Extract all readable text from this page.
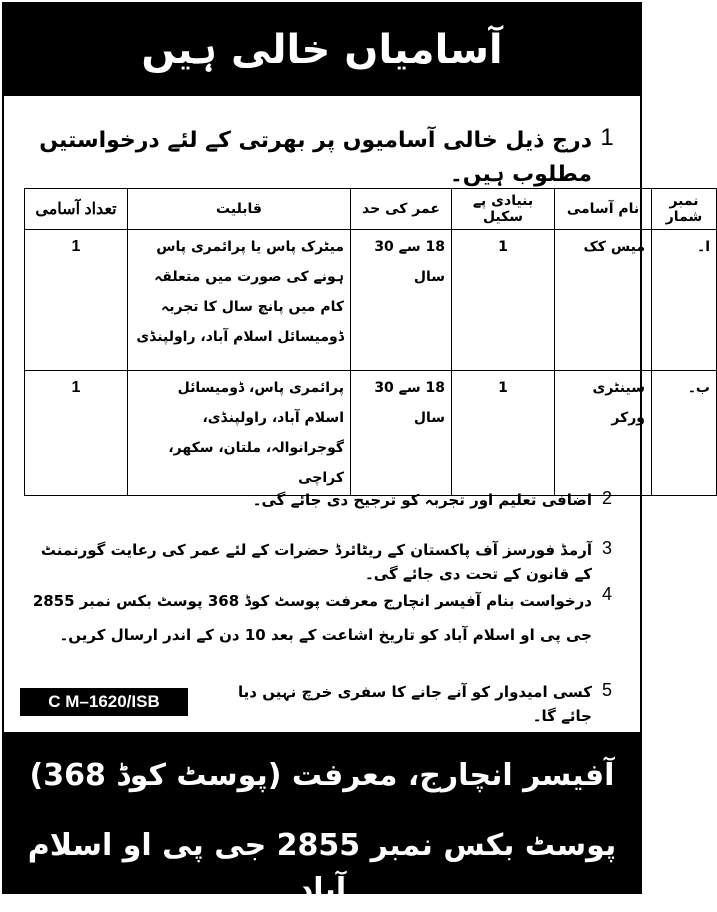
آسامیاں خالی ہیں
1
درج ذیل خالی آسامیوں پر بھرتی کے لئے درخواستیں مطلوب ہیں۔
نمبر شمار	نام آسامی	بنیادی پے سکیل	عمر کی حد	قابلیت	تعداد آسامی
ا۔	میس کک	1	18 سے 30 سال	میٹرک پاس یا پرائمری پاس ہونے کی صورت میں متعلقہ کام میں پانچ سال کا تجربہ ڈومیسائل اسلام آباد، راولپنڈی	1
ب۔	سینٹری ورکر	1	18 سے 30 سال	پرائمری پاس، ڈومیسائل اسلام آباد، راولپنڈی، گوجرانوالہ، ملتان، سکھر، کراچی	1
2
اضافی تعلیم اور تجربہ کو ترجیح دی جائے گی۔
3
آرمڈ فورسز آف پاکستان کے ریٹائرڈ حضرات کے لئے عمر کی رعایت گورنمنٹ کے قانون کے تحت دی جائے گی۔
4
درخواست بنام آفیسر انچارج معرفت پوسٹ کوڈ 368 پوسٹ بکس نمبر 2855 جی پی او اسلام آباد کو تاریخ اشاعت کے بعد 10 دن کے اندر ارسال کریں۔
5
کسی امیدوار کو آنے جانے کا سفری خرچ نہیں دیا جائے گا۔
C M–1620/ISB
آفیسر انچارج، معرفت (پوسٹ کوڈ 368)
پوسٹ بکس نمبر 2855 جی پی او اسلام آباد
